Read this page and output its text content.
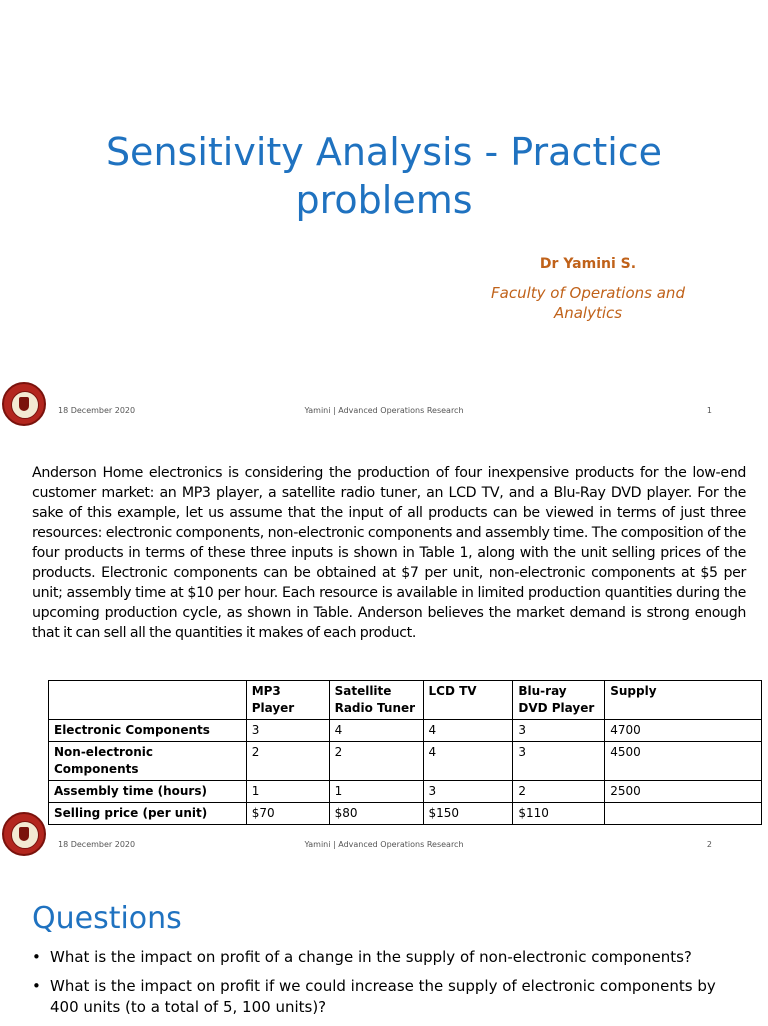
Sensitivity Analysis - Practice
problems
Dr Yamini S.
Faculty of Operations and
Analytics
18 December 2020	Yamini | Advanced Operations Research	1
Anderson Home electronics is considering the production of four inexpensive products for the low-end customer market: an MP3 player, a satellite radio tuner, an LCD TV, and a Blu-Ray DVD player. For the sake of this example, let us assume that the input of all products can be viewed in terms of just three resources: electronic components, non-electronic components and assembly time. The composition of the four products in terms of these three inputs is shown in Table 1, along with the unit selling prices of the products. Electronic components can be obtained at $7 per unit, non-electronic components at $5 per unit; assembly time at $10 per hour. Each resource is available in limited production quantities during the upcoming production cycle, as shown in Table. Anderson believes the market demand is strong enough that it can sell all the quantities it makes of each product.
	MP3 Player	Satellite Radio Tuner	LCD TV	Blu-ray DVD Player	Supply
Electronic Components	3	4	4	3	4700
Non-electronic Components	2	2	4	3	4500
Assembly time (hours)	1	1	3	2	2500
Selling price (per unit)	$70	$80	$150	$110	
18 December 2020	Yamini | Advanced Operations Research	2
Questions
• What is the impact on profit of a change in the supply of non-electronic components?
• What is the impact on profit if we could increase the supply of electronic components by 400 units (to a total of 5, 100 units)?
